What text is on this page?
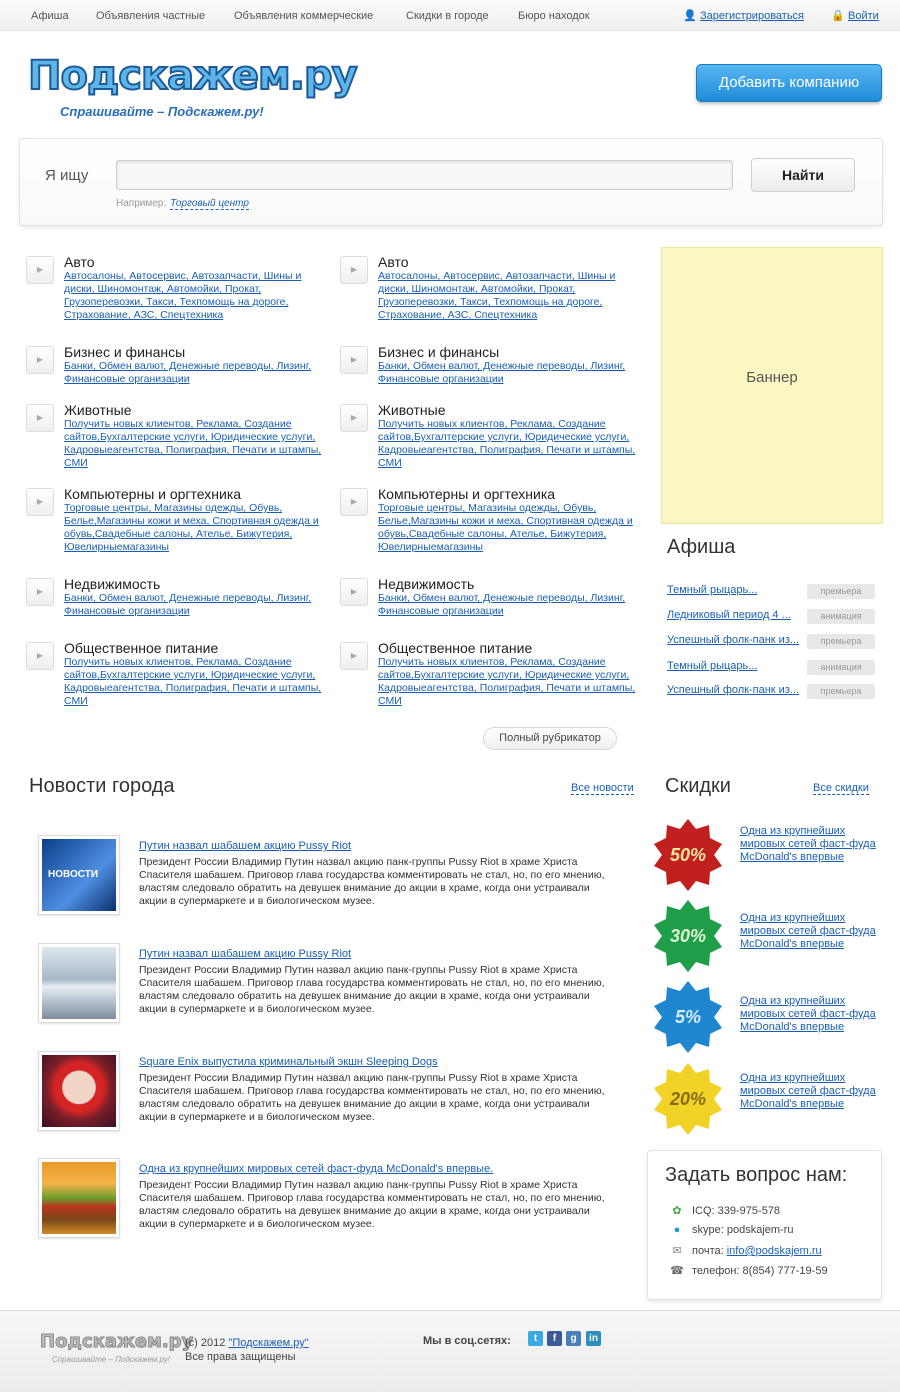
Афиша Объявления частные	Объявления коммерческие	Скидки в городе	Бюро находок	👤 Зарегистрироваться 🔒 Войти
Подскажем.ру
Спрашивайте – Подскажем.ру!
Добавить компанию
Я ищу	Найти
Например: Торговый центр
▶	Авто
Автосалоны, Автосервис, Автозапчасти, Шины и диски, Шиномонтаж, Автомойки, Прокат, Грузоперевозки, Такси, Техпомощь на дороге, Страхование, АЗС, Спецтехника
▶	Бизнес и финансы
Банки, Обмен валют, Денежные переводы, Лизинг, Финансовые организации
▶	Животные
Получить новых клиентов, Реклама, Создание сайтов,Бухгалтерские услуги, Юридические услуги, Кадровыеагентства, Полиграфия, Печати и штампы, СМИ
▶	Компьютерны и оргтехника
Торговые центры, Магазины одежды, Обувь, Белье,Магазины кожи и меха, Спортивная одежда и обувь,Свадебные салоны, Ателье, Бижутерия, Ювелирныемагазины
▶	Недвижимость
Банки, Обмен валют, Денежные переводы, Лизинг, Финансовые организации
▶	Общественное питание
Получить новых клиентов, Реклама, Создание сайтов,Бухгалтерские услуги, Юридические услуги, Кадровыеагентства, Полиграфия, Печати и штампы, СМИ
▶	Авто
Автосалоны, Автосервис, Автозапчасти, Шины и диски, Шиномонтаж, Автомойки, Прокат, Грузоперевозки, Такси, Техпомощь на дороге, Страхование, АЗС, Спецтехника
▶	Бизнес и финансы
Банки, Обмен валют, Денежные переводы, Лизинг, Финансовые организации
▶	Животные
Получить новых клиентов, Реклама, Создание сайтов,Бухгалтерские услуги, Юридические услуги, Кадровыеагентства, Полиграфия, Печати и штампы, СМИ
▶	Компьютерны и оргтехника
Торговые центры, Магазины одежды, Обувь, Белье,Магазины кожи и меха, Спортивная одежда и обувь,Свадебные салоны, Ателье, Бижутерия, Ювелирныемагазины
▶	Недвижимость
Банки, Обмен валют, Денежные переводы, Лизинг, Финансовые организации
▶	Общественное питание
Получить новых клиентов, Реклама, Создание сайтов,Бухгалтерские услуги, Юридические услуги, Кадровыеагентства, Полиграфия, Печати и штампы, СМИ
Полный рубрикатор
Баннер
Афиша
Темный рыцарь...	премьера
Ледниковый период 4 ...	анимация
Успешный фолк-панк из...	премьера
Темный рыцарь...	анимация
Успешный фолк-панк из...	премьера
Новости города	Все новости
НОВОСТИ
Путин назвал шабашем акцию Pussy Riot
Президент России Владимир Путин назвал акцию панк-группы Pussy Riot в храме Христа Спасителя шабашем. Приговор глава государства комментировать не стал, но, по его мнению, властям следовало обратить на девушек внимание до акции в храме, когда они устраивали акции в супермаркете и в биологическом музее.
Путин назвал шабашем акцию Pussy Riot
Президент России Владимир Путин назвал акцию панк-группы Pussy Riot в храме Христа Спасителя шабашем. Приговор глава государства комментировать не стал, но, по его мнению, властям следовало обратить на девушек внимание до акции в храме, когда они устраивали акции в супермаркете и в биологическом музее.
Square Enix выпустила криминальный экшн Sleeping Dogs
Президент России Владимир Путин назвал акцию панк-группы Pussy Riot в храме Христа Спасителя шабашем. Приговор глава государства комментировать не стал, но, по его мнению, властям следовало обратить на девушек внимание до акции в храме, когда они устраивали акции в супермаркете и в биологическом музее.
Одна из крупнейших мировых сетей фаст-фуда McDonald's впервые.
Президент России Владимир Путин назвал акцию панк-группы Pussy Riot в храме Христа Спасителя шабашем. Приговор глава государства комментировать не стал, но, по его мнению, властям следовало обратить на девушек внимание до акции в храме, когда они устраивали акции в супермаркете и в биологическом музее.
Скидки	Все скидки
50%
Одна из крупнейших мировых сетей фаст-фуда McDonald's впервые
30%
Одна из крупнейших мировых сетей фаст-фуда McDonald's впервые
5%
Одна из крупнейших мировых сетей фаст-фуда McDonald's впервые
20%
Одна из крупнейших мировых сетей фаст-фуда McDonald's впервые
Задать вопрос нам:
✿ ICQ: 339-975-578
● skype: podskajem-ru
✉ почта: info@podskajem.ru
☎ телефон: 8(854) 777-19-59
Подскажем.ру
Спрашивайте – Подскажем.ру!
(c) 2012 "Подскажем.ру"
Все права защищены
Мы в соц.сетях:	t	f	g	in
